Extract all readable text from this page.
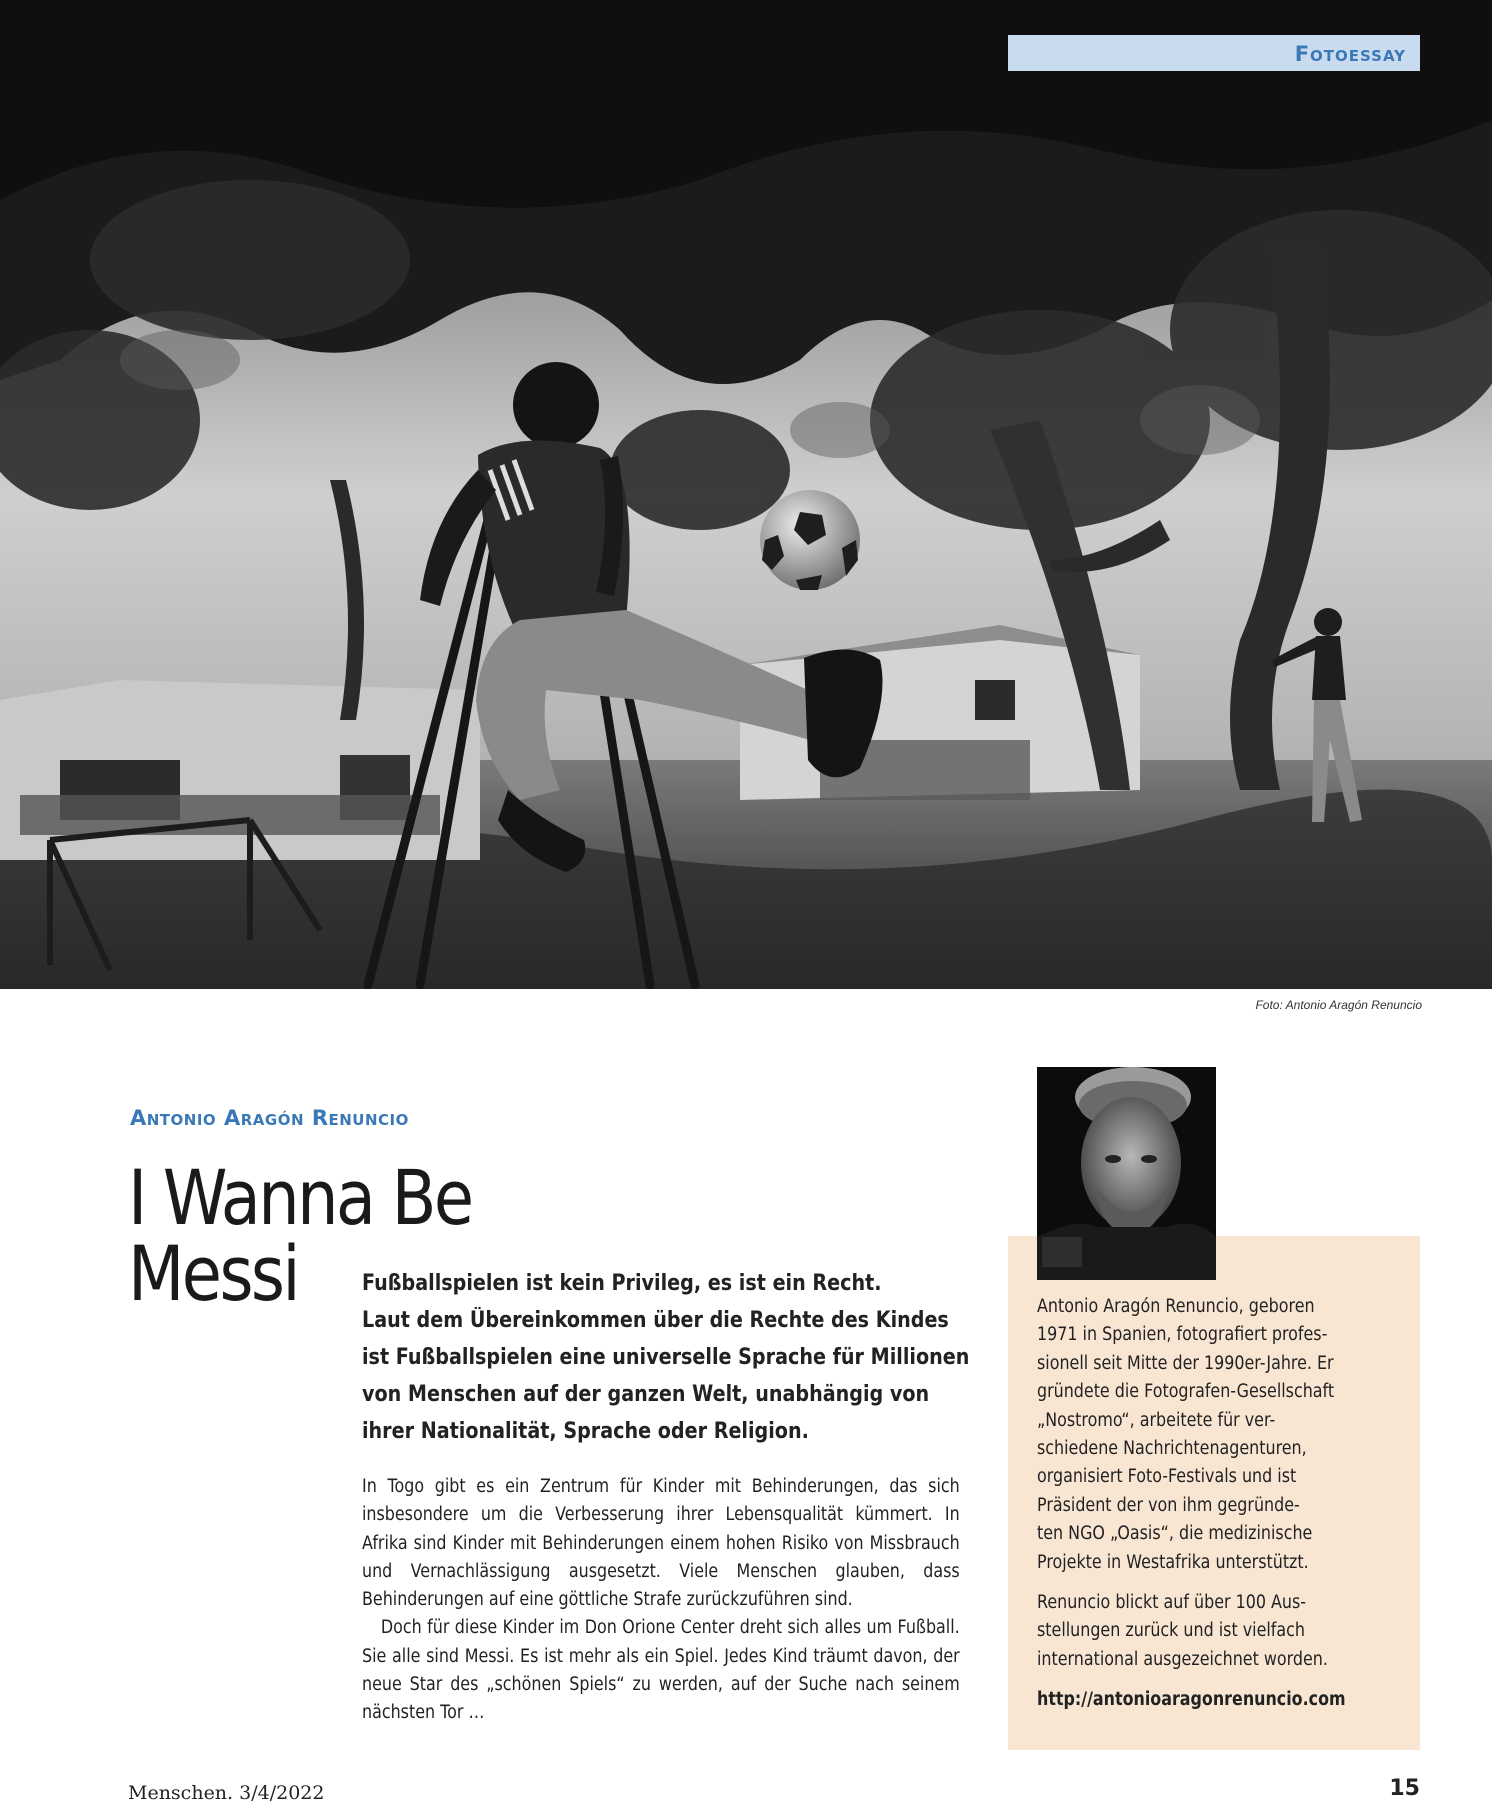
Fotoessay
Foto: Antonio Aragón Renuncio
Antonio Aragón Renuncio
I Wanna Be
Messi	Fußballspielen ist kein Privileg, es ist ein Recht.
Laut dem Übereinkommen über die Rechte des Kindes
ist Fußballspielen eine universelle Sprache für Millionen
von Menschen auf der ganzen Welt, unabhängig von
ihrer Nationalität, Sprache oder Religion.

In Togo gibt es ein Zentrum für Kinder mit Behinderungen, das sich insbesondere um die Verbesserung ihrer Lebensqualität kümmert. In Afrika sind Kinder mit Behinderungen einem hohen Risiko von Missbrauch und Vernachlässigung ausgesetzt. Viele Menschen glauben, dass Behinderungen auf eine göttliche Strafe zurückzuführen sind.

Doch für diese Kinder im Don Orione Center dreht sich alles um Fußball. Sie alle sind Messi. Es ist mehr als ein Spiel. Jedes Kind träumt davon, der neue Star des „schönen Spiels“ zu werden, auf der Suche nach seinem nächsten Tor …

Antonio Aragón Renuncio, geboren
1971 in Spanien, fotografiert profes-
sionell seit Mitte der 1990er-Jahre. Er
gründete die Fotografen-Gesellschaft
„Nostromo“, arbeitete für ver-
schiedene Nachrichtenagenturen,
organisiert Foto-Festivals und ist
Präsident der von ihm gegründe-
ten NGO „Oasis“, die medizinische
Projekte in Westafrika unterstützt.
Renuncio blickt auf über 100 Aus-
stellungen zurück und ist vielfach
international ausgezeichnet worden.
http://antonioaragonrenuncio.com
Menschen. 3/4/2022	15
